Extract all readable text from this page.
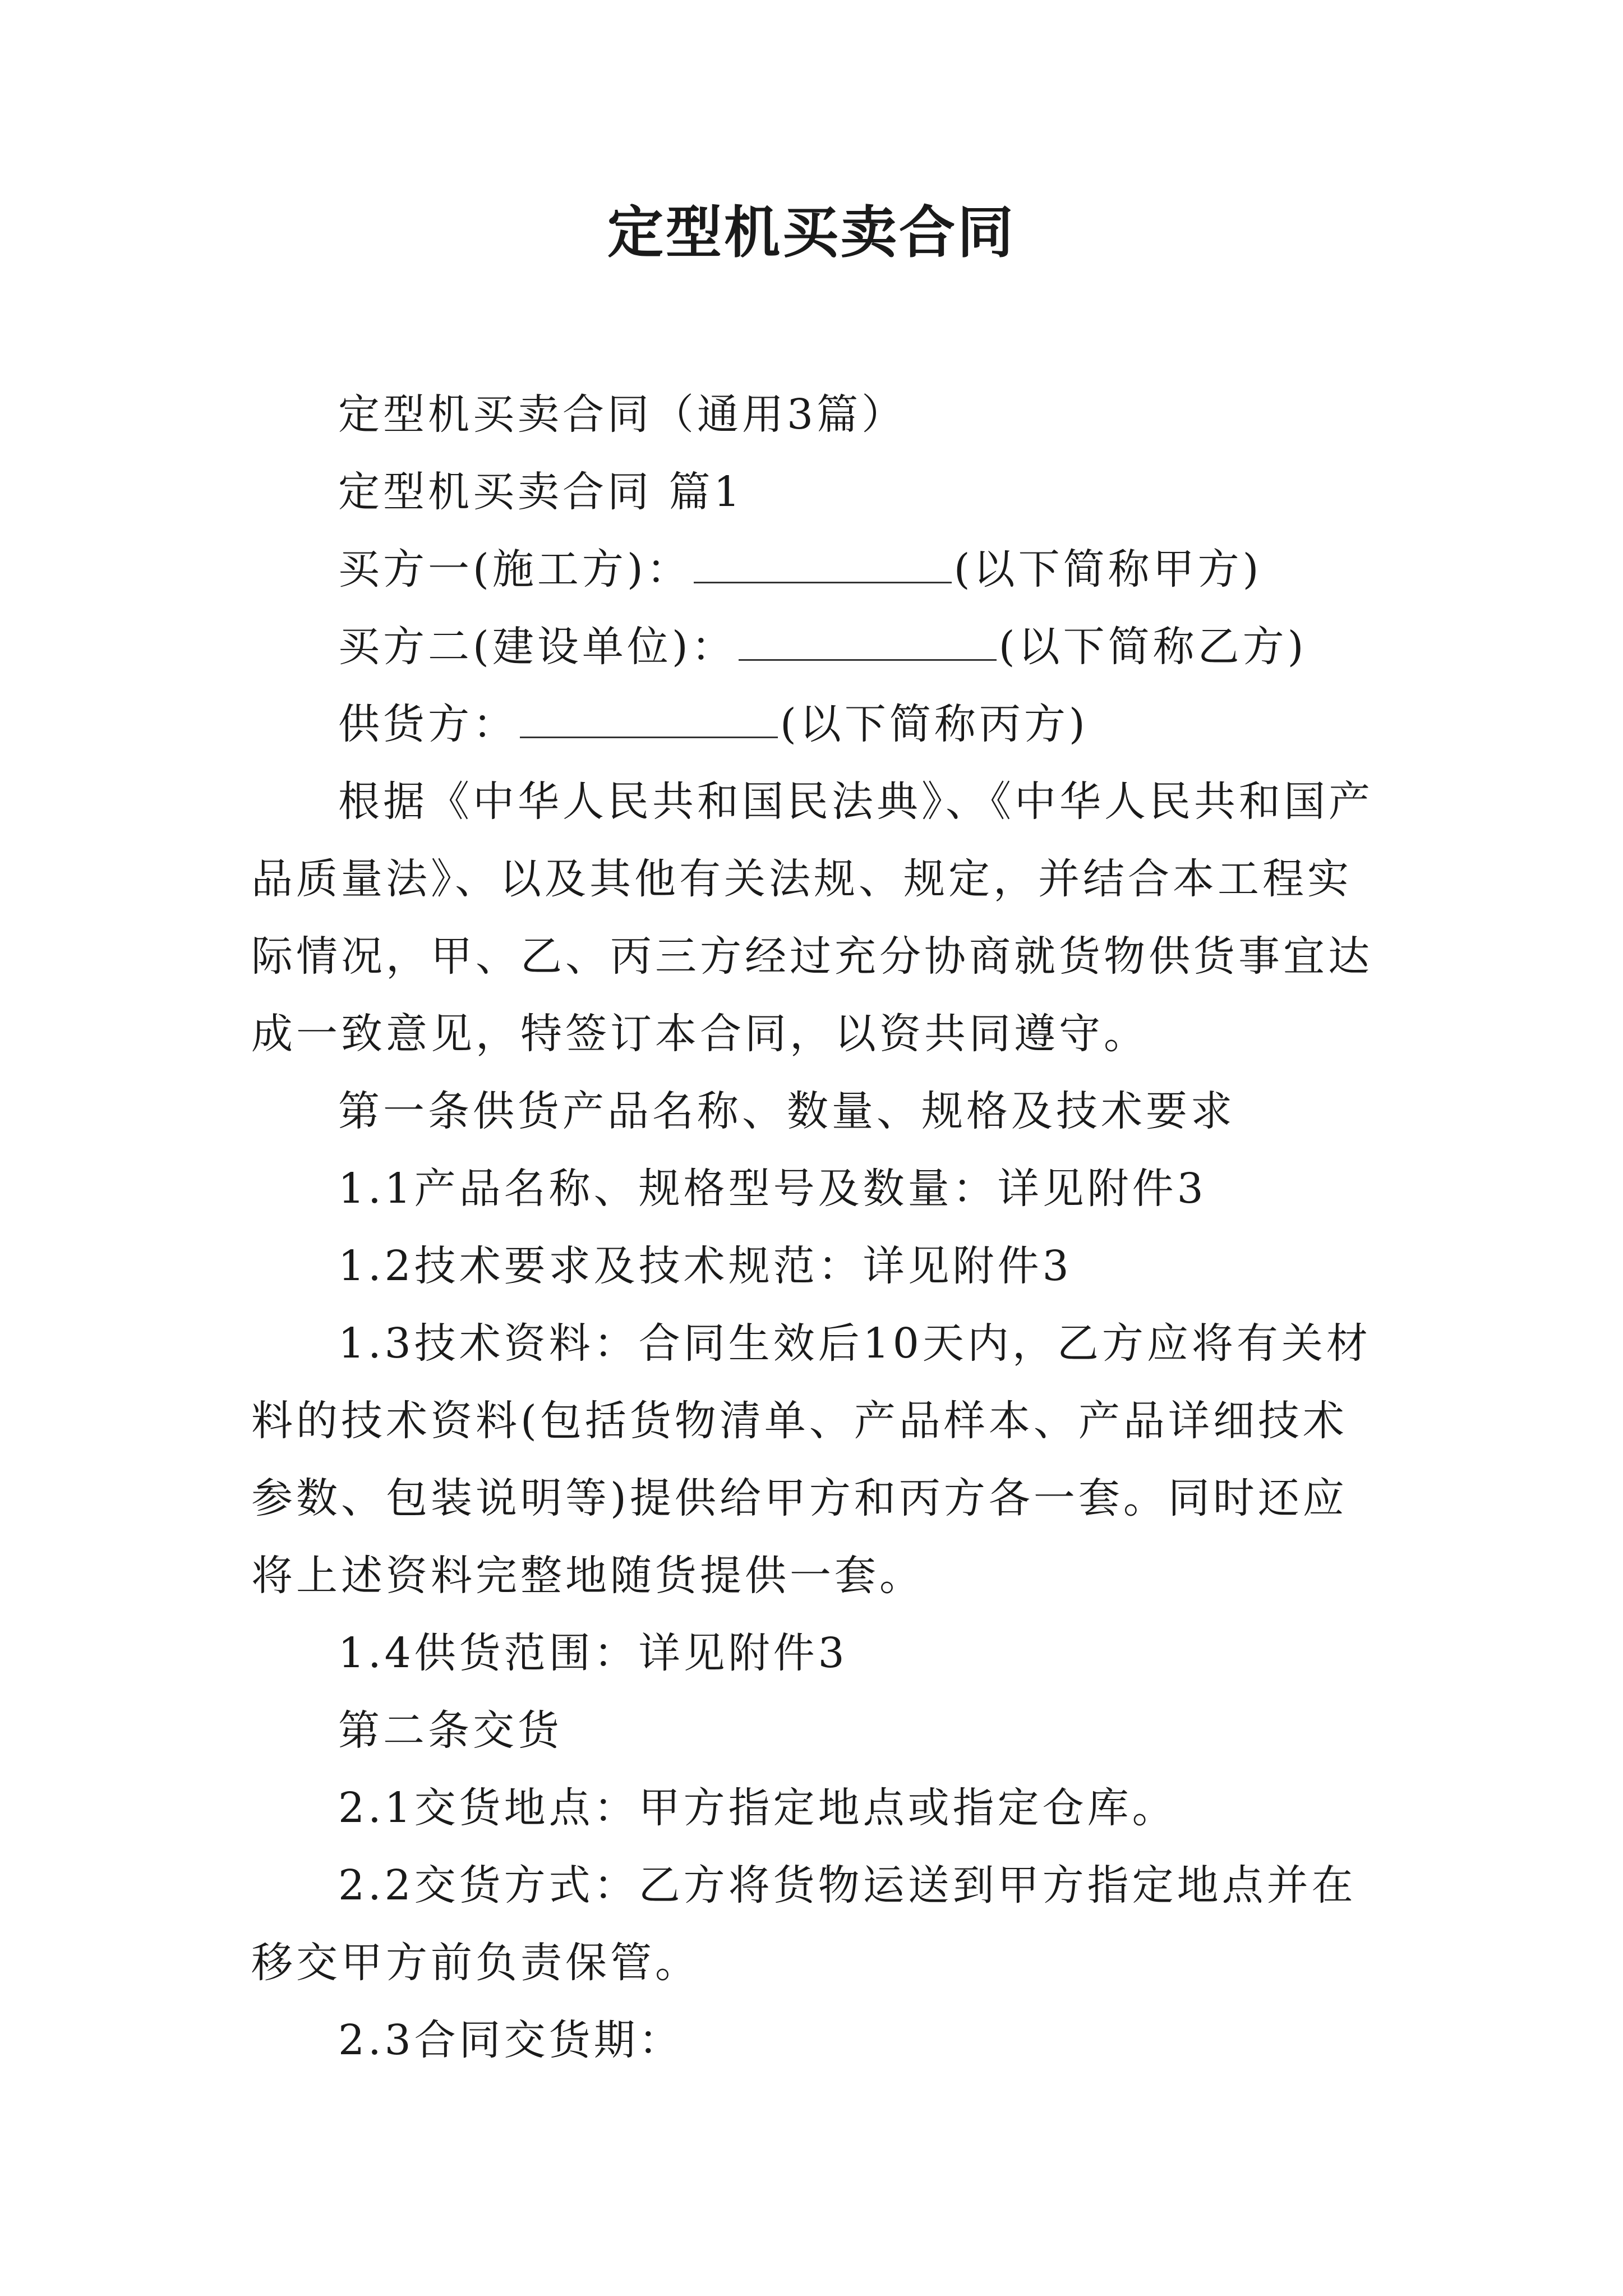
定型机买卖合同

定型机买卖合同（通用3篇）

定型机买卖合同 篇1

买方一(施工方)：	(以下简称甲方)

买方二(建设单位)：	(以下简称乙方)

供货方：	(以下简称丙方)

根据《中华人民共和国民法典》、《中华人民共和国产品质量法》、以及其他有关法规、规定，并结合本工程实际情况，甲、乙、丙三方经过充分协商就货物供货事宜达成一致意见，特签订本合同，以资共同遵守。

第一条供货产品名称、数量、规格及技术要求

1.1产品名称、规格型号及数量：详见附件3

1.2技术要求及技术规范：详见附件3

1.3技术资料：合同生效后10天内，乙方应将有关材料的技术资料(包括货物清单、产品样本、产品详细技术参数、包装说明等)提供给甲方和丙方各一套。同时还应将上述资料完整地随货提供一套。

1.4供货范围：详见附件3

第二条交货

2.1交货地点：甲方指定地点或指定仓库。

2.2交货方式：乙方将货物运送到甲方指定地点并在移交甲方前负责保管。

2.3合同交货期：
